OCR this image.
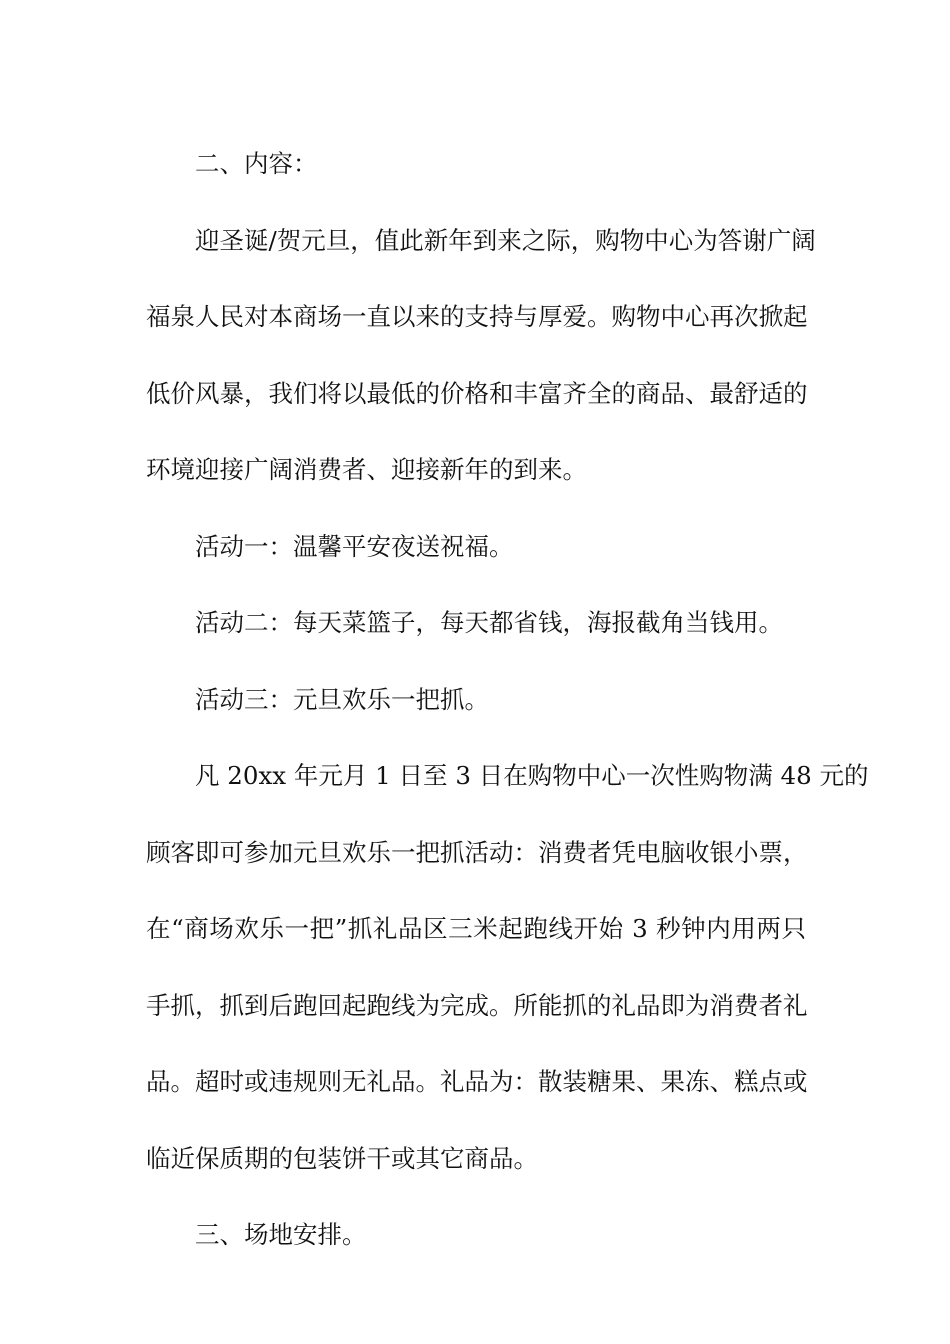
二、内容：

迎圣诞/贺元旦，值此新年到来之际，购物中心为答谢广阔
福泉人民对本商场一直以来的支持与厚爱。购物中心再次掀起
低价风暴，我们将以最低的价格和丰富齐全的商品、最舒适的
环境迎接广阔消费者、迎接新年的到来。

活动一：温馨平安夜送祝福。

活动二：每天菜篮子，每天都省钱，海报截角当钱用。

活动三：元旦欢乐一把抓。

凡 20xx 年元月 1 日至 3 日在购物中心一次性购物满 48 元的
顾客即可参加元旦欢乐一把抓活动：消费者凭电脑收银小票，
在“商场欢乐一把”抓礼品区三米起跑线开始 3 秒钟内用两只
手抓，抓到后跑回起跑线为完成。所能抓的礼品即为消费者礼
品。超时或违规则无礼品。礼品为：散装糖果、果冻、糕点或
临近保质期的包装饼干或其它商品。

三、场地安排。
